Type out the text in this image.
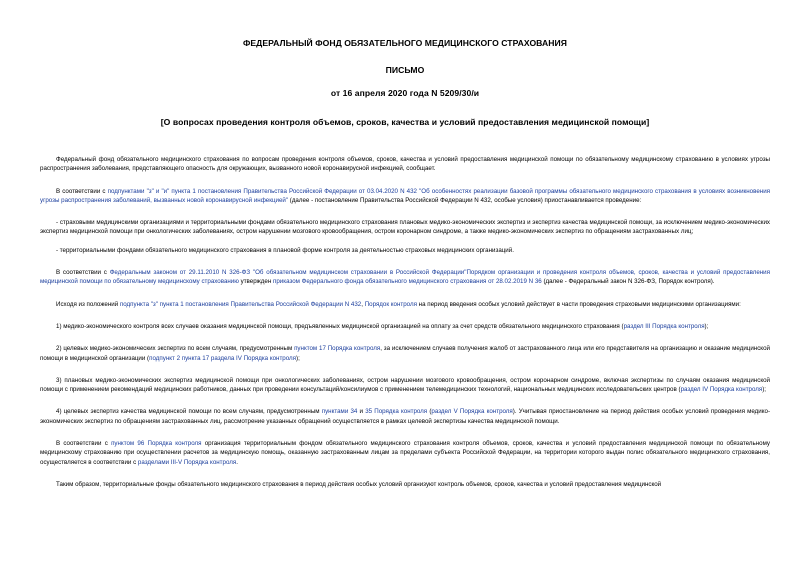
ФЕДЕРАЛЬНЫЙ ФОНД ОБЯЗАТЕЛЬНОГО МЕДИЦИНСКОГО СТРАХОВАНИЯ
ПИСЬМО
от 16 апреля 2020 года N 5209/30/и
[О вопросах проведения контроля объемов, сроков, качества и условий предоставления медицинской помощи]

Федеральный фонд обязательного медицинского страхования по вопросам проведения контроля объемов, сроков, качества и условий предоставления медицинской помощи по обязательному медицинскому страхованию в условиях угрозы распространения заболевания, представляющего опасность для окружающих, вызванного новой коронавирусной инфекцией, сообщает.

В соответствии с подпунктами "з" и "и" пункта 1 постановления Правительства Российской Федерации от 03.04.2020 N 432 "Об особенностях реализации базовой программы обязательного медицинского страхования в условиях возникновения угрозы распространения заболеваний, вызванных новой коронавирусной инфекцией" (далее - постановление Правительства Российской Федерации N 432, особые условия) приостанавливается проведение:

- страховыми медицинскими организациями и территориальными фондами обязательного медицинского страхования плановых медико-экономических экспертиз и экспертиз качества медицинской помощи, за исключением медико-экономических экспертиз медицинской помощи при онкологических заболеваниях, остром нарушении мозгового кровообращения, остром коронарном синдроме, а также медико-экономических экспертиз по обращениям застрахованных лиц;

- территориальными фондами обязательного медицинского страхования в плановой форме контроля за деятельностью страховых медицинских организаций.

В соответствии с Федеральным законом от 29.11.2010 N 326-ФЗ "Об обязательном медицинском страховании в Российской Федерации"Порядком организации и проведения контроля объемов, сроков, качества и условий предоставления медицинской помощи по обязательному медицинскому страхованию утвержден приказом Федерального фонда обязательного медицинского страхования от 28.02.2019 N 36 (далее - Федеральный закон N 326-ФЗ, Порядок контроля).

Исходя из положений подпункта "з" пункта 1 постановления Правительства Российской Федерации N 432, Порядок контроля на период введения особых условий действует в части проведения страховыми медицинскими организациями:

1) медико-экономического контроля всех случаев оказания медицинской помощи, предъявленных медицинской организацией на оплату за счет средств обязательного медицинского страхования (раздел III Порядка контроля);

2) целевых медико-экономических экспертиз по всем случаям, предусмотренным пунктом 17 Порядка контроля, за исключением случаев получения жалоб от застрахованного лица или его представителя на организацию и оказание медицинской помощи в медицинской организации (подпункт 2 пункта 17 раздела IV Порядка контроля);

3) плановых медико-экономических экспертиз медицинской помощи при онкологических заболеваниях, остром нарушении мозгового кровообращения, остром коронарном синдроме, включая экспертизы по случаям оказания медицинской помощи с применением рекомендаций медицинских работников, данных при проведении консультаций/консилиумов с применением телемедицинских технологий, национальных медицинских исследовательских центров (раздел IV Порядка контроля);

4) целевых экспертиз качества медицинской помощи по всем случаям, предусмотренным пунктами 34 и 35 Порядка контроля (раздел V Порядка контроля). Учитывая приостановление на период действия особых условий проведения медико-экономических экспертиз по обращениям застрахованных лиц, рассмотрение указанных обращений осуществляется в рамках целевой экспертизы качества медицинской помощи.

В соответствии с пунктом 96 Порядка контроля организация территориальным фондом обязательного медицинского страхования контроля объемов, сроков, качества и условий предоставления медицинской помощи по обязательному медицинскому страхованию при осуществлении расчетов за медицинскую помощь, оказанную застрахованным лицам за пределами субъекта Российской Федерации, на территории которого выдан полис обязательного медицинского страхования, осуществляется в соответствии с разделами III-V Порядка контроля.

Таким образом, территориальные фонды обязательного медицинского страхования в период действия особых условий организуют контроль объемов, сроков, качества и условий предоставления медицинской
